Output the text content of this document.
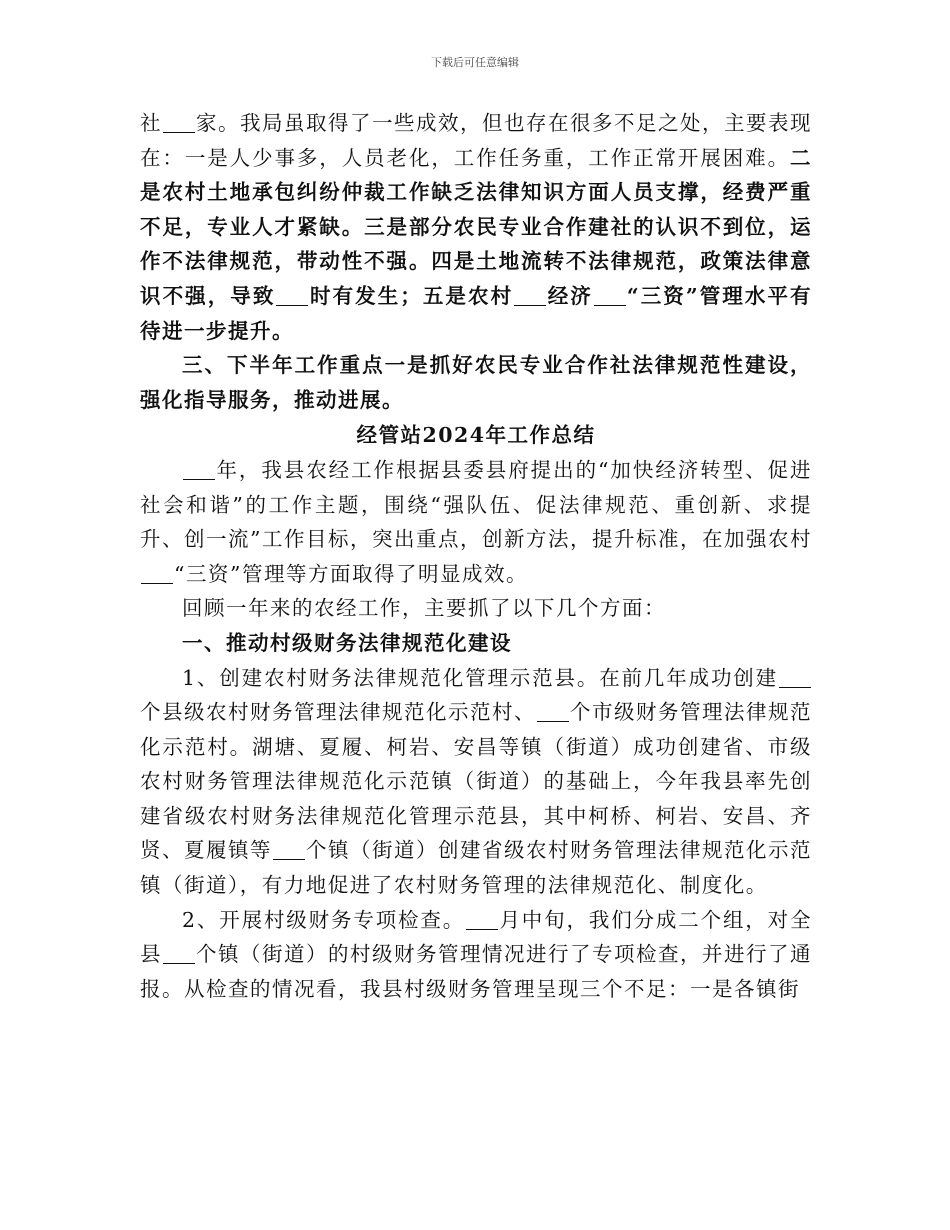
下载后可任意编辑

社 家。我局虽取得了一些成效，但也存在很多不足之处，主要表现在：一是人少事多，人员老化，工作任务重，工作正常开展困难。二是农村土地承包纠纷仲裁工作缺乏法律知识方面人员支撑，经费严重不足，专业人才紧缺。三是部分农民专业合作建社的认识不到位，运作不法律规范，带动性不强。四是土地流转不法律规范，政策法律意识不强，导致 时有发生；五是农村 经济 “三资”管理水平有待进一步提升。

三、下半年工作重点一是抓好农民专业合作社法律规范性建设，强化指导服务，推动进展。

经管站2024年工作总结

年，我县农经工作根据县委县府提出的“加快经济转型、促进社会和谐”的工作主题，围绕“强队伍、促法律规范、重创新、求提升、创一流”工作目标，突出重点，创新方法，提升标准，在加强农村“三资”管理等方面取得了明显成效。

回顾一年来的农经工作，主要抓了以下几个方面：

一、推动村级财务法律规范化建设

1、创建农村财务法律规范化管理示范县。在前几年成功创建个县级农村财务管理法律规范化示范村、 个市级财务管理法律规范化示范村。湖塘、夏履、柯岩、安昌等镇（街道）成功创建省、市级农村财务管理法律规范化示范镇（街道）的基础上，今年我县率先创建省级农村财务法律规范化管理示范县，其中柯桥、柯岩、安昌、齐贤、夏履镇等 个镇（街道）创建省级农村财务管理法律规范化示范镇（街道），有力地促进了农村财务管理的法律规范化、制度化。

2、开展村级财务专项检查。 月中旬，我们分成二个组，对全县 个镇（街道）的村级财务管理情况进行了专项检查，并进行了通报。从检查的情况看，我县村级财务管理呈现三个不足：一是各镇街
